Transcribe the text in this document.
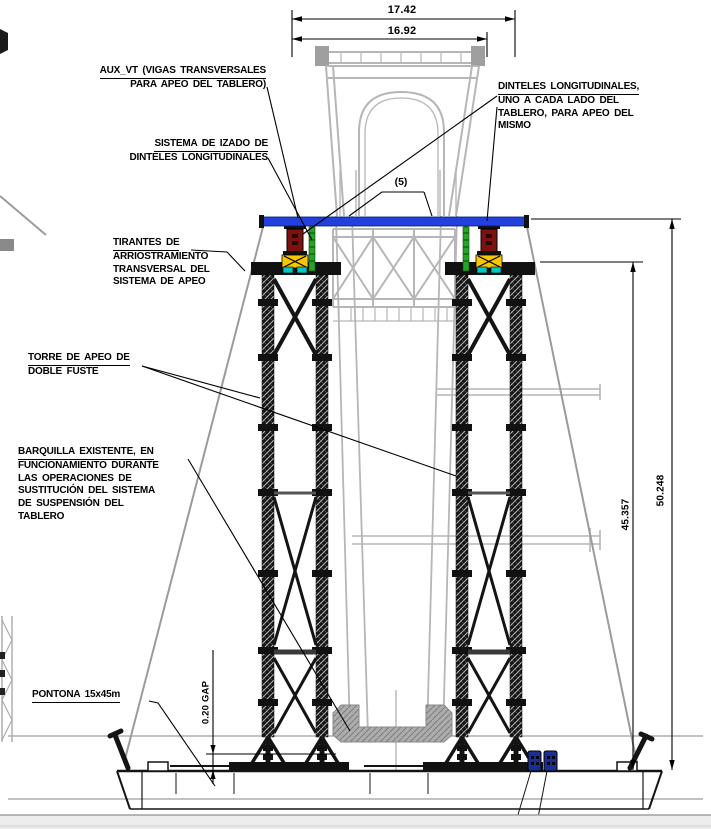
AUX_VT (VIGAS TRANSVERSALES
PARA APEO DEL TABLERO)
SISTEMA DE IZADO DE
DINTELES LONGITUDINALES
DINTELES LONGITUDINALES,
UNO A CADA LADO DEL
TABLERO, PARA APEO DEL
MISMO
TIRANTES DE
ARRIOSTRAMIENTO
TRANSVERSAL DEL
SISTEMA DE APEO
TORRE DE APEO DE
DOBLE FUSTE
BARQUILLA EXISTENTE, EN
FUNCIONAMIENTO DURANTE
LAS OPERACIONES DE
SUSTITUCIÓN DEL SISTEMA
DE SUSPENSIÓN DEL
TABLERO
PONTONA 15x45m
(5)
17.42
16.92
50.248
45.357
0.20 GAP
